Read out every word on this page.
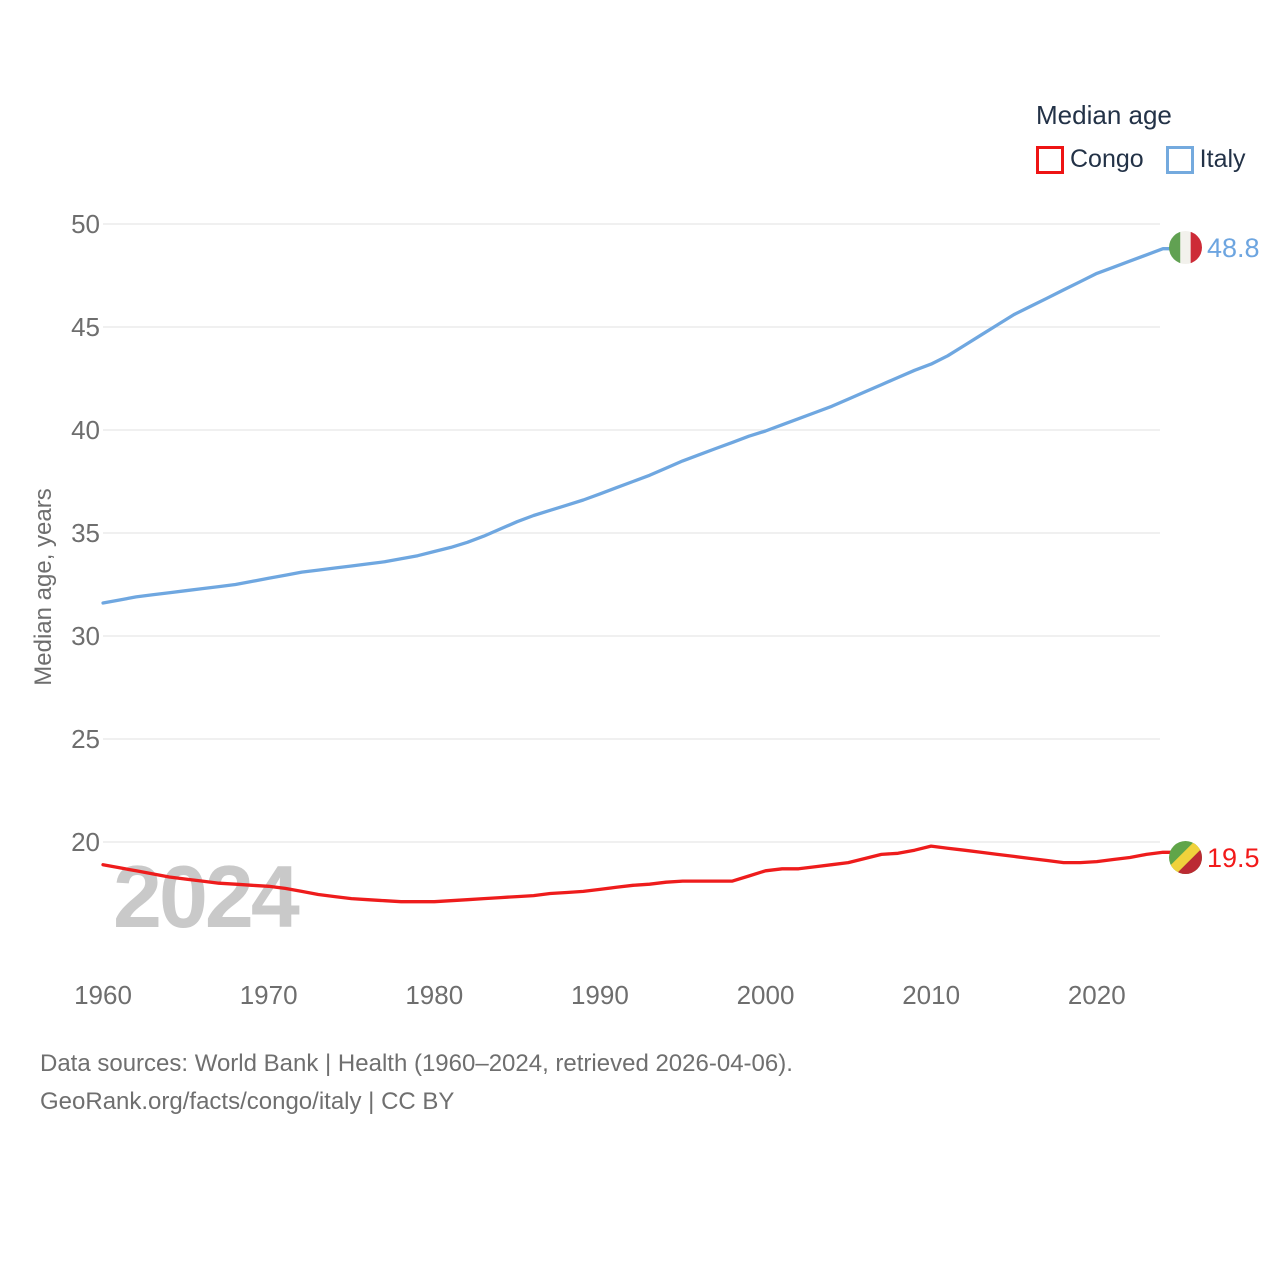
2024
20
25
30
35
40
45
50
1960	1970	1980	1990	2000	2010	2020
Median age, years
Median age
Congo Italy
48.8
19.5
Data sources: World Bank | Health (1960–2024, retrieved 2026-04-06).
GeoRank.org/facts/congo/italy | CC BY
